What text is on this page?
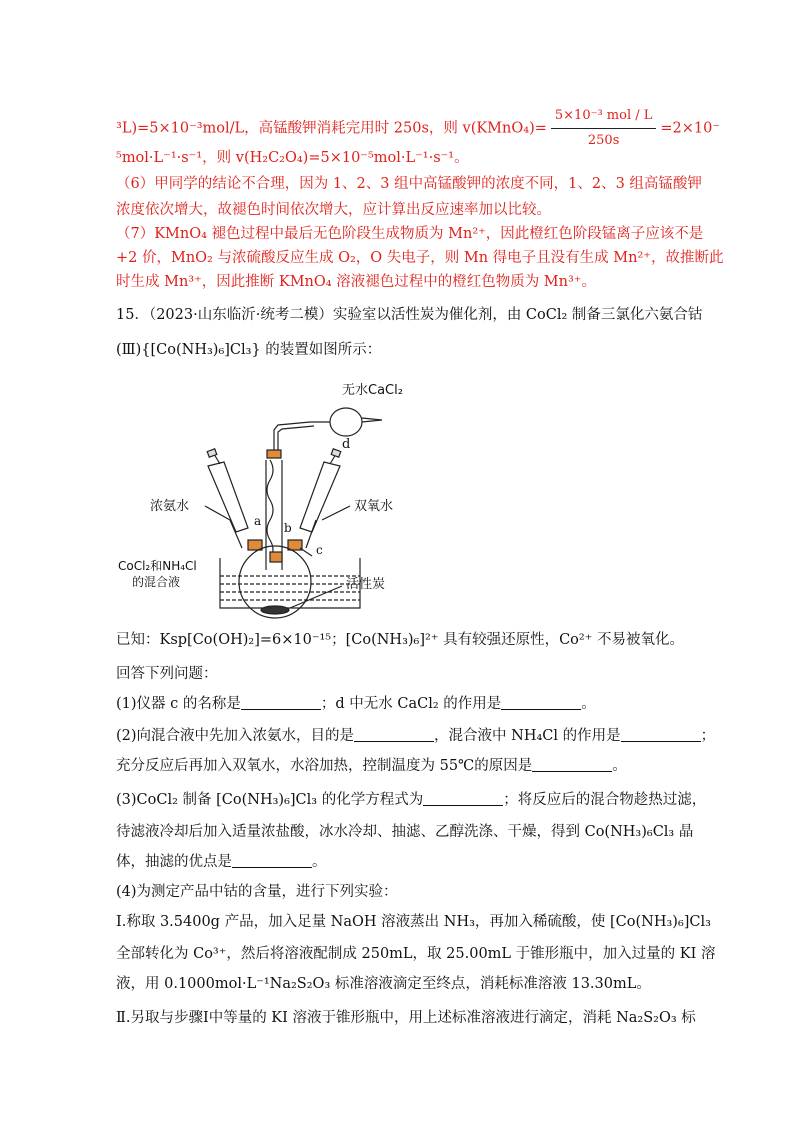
³L)=5×10⁻³mol/L，高锰酸钾消耗完用时 250s，则 v(KMnO₄)= $\frac{\text{5×10⁻³ mol / L}}{250s} =2\times 10^-$
⁵mol·L⁻¹·s⁻¹，则 v(H₂C₂O₄)=5×10⁻⁵mol·L⁻¹·s⁻¹。
（6）甲同学的结论不合理，因为 1、2、3 组中高锰酸钾的浓度不同，1、2、3 组高锰酸钾
浓度依次增大，故褪色时间依次增大，应计算出反应速率加以比较。
（7）KMnO₄ 褪色过程中最后无色阶段生成物质为 Mn²⁺，因此橙红色阶段锰离子应该不是
+2 价，MnO₂ 与浓硫酸反应生成 O₂，O 失电子，则 Mn 得电子且没有生成 Mn²⁺，故推断此
时生成 Mn³⁺，因此推断 KMnO₄ 溶液褪色过程中的橙红色物质为 Mn³⁺。
15．（2023·山东临沂·统考二模）实验室以活性炭为催化剂，由 CoCl₂ 制备三氯化六氨合钴
(Ⅲ){[Co(NH₃)₆]Cl₃} 的装置如图所示：
无水CaCl₂
d
浓氨水
a b
双氧水
c
CoCl₂和NH₄Cl
的混合液	活性炭
已知：Ksp[Co(OH)₂]=6×10⁻¹⁵；[Co(NH₃)₆]²⁺ 具有较强还原性，Co²⁺ 不易被氧化。
回答下列问题：
(1)仪器 c 的名称是	；d 中无水 CaCl₂ 的作用是	。
(2)向混合液中先加入浓氨水，目的是	，混合液中 NH₄Cl 的作用是	；
充分反应后再加入双氧水，水浴加热，控制温度为 55℃的原因是	。
(3)CoCl₂ 制备 [Co(NH₃)₆]Cl₃ 的化学方程式为	；将反应后的混合物趁热过滤，
待滤液冷却后加入适量浓盐酸，冰水冷却、抽滤、乙醇洗涤、干燥，得到 Co(NH₃)₆Cl₃ 晶
体，抽滤的优点是	。
(4)为测定产品中钴的含量，进行下列实验：
Ⅰ.称取 3.5400g 产品，加入足量 NaOH 溶液蒸出 NH₃，再加入稀硫酸，使 [Co(NH₃)₆]Cl₃
全部转化为 Co³⁺，然后将溶液配制成 250mL，取 25.00mL 于锥形瓶中，加入过量的 KI 溶
液，用 0.1000mol·L⁻¹Na₂S₂O₃ 标准溶液滴定至终点，消耗标准溶液 13.30mL。
Ⅱ.另取与步骤Ⅰ中等量的 KI 溶液于锥形瓶中，用上述标准溶液进行滴定，消耗 Na₂S₂O₃ 标
